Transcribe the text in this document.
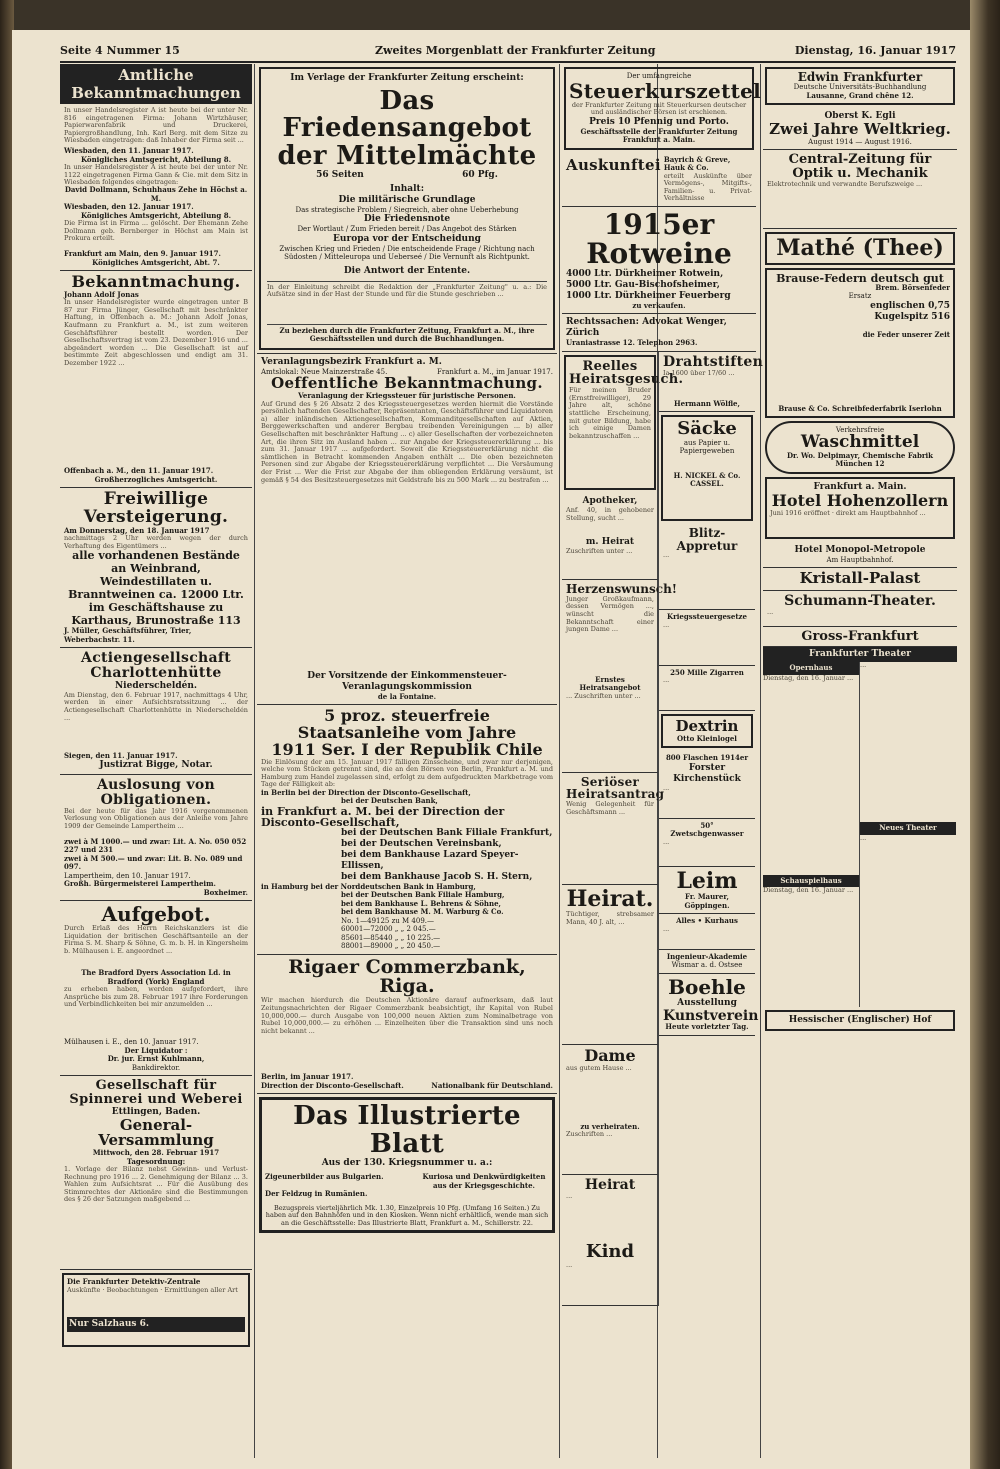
Seite 4 Nummer 15	Zweites Morgenblatt der Frankfurter Zeitung	Dienstag, 16. Januar 1917
Amtliche Bekanntmachungen
In unser Handelsregister A ist heute bei der unter Nr. 816 eingetragenen Firma: Johann Wirtzhäuser, Papierwarenfabrik und Druckerei, Papiergroßhandlung, Inh. Karl Berg. mit dem Sitze zu Wiesbaden eingetragen: daß Inhaber der Firma seit ...
Wiesbaden, den 11. Januar 1917.
Königliches Amtsgericht, Abteilung 8.
In unser Handelsregister A ist heute bei der unter Nr. 1122 eingetragenen Firma Gann & Cie. mit dem Sitz in Wiesbaden folgendes eingetragen:
David Dollmann, Schuhhaus Zehe in Höchst a. M.
Wiesbaden, den 12. Januar 1917.
Königliches Amtsgericht, Abteilung 8.
Die Firma ist in Firma ... gelöscht. Der Ehemann Zehe Dollmann geb. Bernberger in Höchst am Main ist Prokura erteilt.
Frankfurt am Main, den 9. Januar 1917.
Königliches Amtsgericht, Abt. 7.
Bekanntmachung.
Johann Adolf Jonas
In unser Handelsregister wurde eingetragen unter B 87 zur Firma Jünger, Gesellschaft mit beschränkter Haftung, in Offenbach a. M.: Johann Adolf Jonas, Kaufmann zu Frankfurt a. M., ist zum weiteren Geschäftsführer bestellt worden. Der Gesellschaftsvertrag ist vom 23. Dezember 1916 und ... abgeändert worden ... Die Gesellschaft ist auf bestimmte Zeit abgeschlossen und endigt am 31. Dezember 1922 ...
Offenbach a. M., den 11. Januar 1917.
Großherzogliches Amtsgericht.
Freiwillige Versteigerung.
Am Donnerstag, den 18. Januar 1917
nachmittags 2 Uhr werden wegen der durch Verhaftung des Eigentümers ...
alle vorhandenen Bestände an Weinbrand, Weindestillaten u. Branntweinen ca. 12000 Ltr. im Geschäftshause zu Karthaus, Brunostraße 113
J. Müller, Geschäftsführer, Trier, Weberbachstr. 11.
Actiengesellschaft Charlottenhütte
Niederscheldén.
Am Dienstag, den 6. Februar 1917, nachmittags 4 Uhr, werden in einer Aufsichtsratssitzung ... der Actiengesellschaft Charlottenhütte in Niederscheldén ...
Siegen, den 11. Januar 1917.
Justizrat Bigge, Notar.
Auslosung von Obligationen.
Bei der heute für das Jahr 1916 vorgenommenen Verlosung von Obligationen aus der Anleihe vom Jahre 1909 der Gemeinde Lampertheim ...
zwei à M 1000.— und zwar: Lit. A. No. 050 052 227 und 231
zwei à M 500.— und zwar: Lit. B. No. 089 und 097.
Lampertheim, den 10. Januar 1917.
Großh. Bürgermeisterei Lampertheim.
Boxheimer.
Aufgebot.
Durch Erlaß des Herrn Reichskanzlers ist die Liquidation der britischen Geschäftsanteile an der Firma S. M. Sharp & Söhne, G. m. b. H. in Kingersheim b. Mülhausen i. E. angeordnet ...
The Bradford Dyers Association Ld. in Bradford (York) England
zu erheben haben, werden aufgefordert, ihre Ansprüche bis zum 28. Februar 1917 ihre Forderungen und Verbindlichkeiten bei mir anzumelden ...
Mülhausen i. E., den 10. Januar 1917.
Der Liquidator :
Dr. jur. Ernst Kuhlmann,
Bankdirektor.
Gesellschaft für Spinnerei und Weberei
Ettlingen, Baden.
General-Versammlung
Mittwoch, den 28. Februar 1917
Tagesordnung:
1. Vorlage der Bilanz nebst Gewinn- und Verlust-Rechnung pro 1916 ... 2. Genehmigung der Bilanz ... 3. Wahlen zum Aufsichtsrat ... Für die Ausübung des Stimmrechtes der Aktionäre sind die Bestimmungen des § 26 der Satzungen maßgebend ...
Die Frankfurter Detektiv-Zentrale
Auskünfte · Beobachtungen · Ermittlungen aller Art
Nur Salzhaus 6.
Im Verlage der Frankfurter Zeitung erscheint:
Das Friedensangebot
der Mittelmächte
56 Seiten	60 Pfg.
Inhalt:
Die militärische Grundlage
Das strategische Problem / Siegreich, aber ohne Ueberhebung
Die Friedensnote
Der Wortlaut / Zum Frieden bereit / Das Angebot des Stärken
Europa vor der Entscheidung
Zwischen Krieg und Frieden / Die entscheidende Frage / Richtung nach Südosten / Mitteleuropa und Ueberseé / Die Vernunft als Richtpunkt.
Die Antwort der Entente.
In der Einleitung schreibt die Redaktion der „Frankfurter Zeitung" u. a.: Die Aufsätze sind in der Hast der Stunde und für die Stunde geschrieben ...
Zu beziehen durch die Frankfurter Zeitung, Frankfurt a. M., ihre Geschäftsstellen und durch die Buchhandlungen.
Veranlagungsbezirk Frankfurt a. M.
Amtslokal: Neue Mainzerstraße 45.	Frankfurt a. M., im Januar 1917.
Oeffentliche Bekanntmachung.
Veranlagung der Kriegssteuer für juristische Personen.
Auf Grund des § 26 Absatz 2 des Kriegssteuergesetzes werden hiermit die Vorstände persönlich haftenden Gesellschafter, Repräsentanten, Geschäftsführer und Liquidatoren a) aller inländischen Aktiengesellschaften, Kommanditgesellschaften auf Aktien, Berggewerkschaften und anderer Bergbau treibenden Vereinigungen ... b) aller Gesellschaften mit beschränkter Haftung ... c) aller Gesellschaften der vorbezeichneten Art, die ihren Sitz im Ausland haben ... zur Angabe der Kriegssteuererklärung ... bis zum 31. Januar 1917 ... aufgefordert. Soweit die Kriegssteuererklärung nicht die sämtlichen in Betracht kommenden Angaben enthält ... Die oben bezeichneten Personen sind zur Abgabe der Kriegssteuererklärung verpflichtet ... Die Versäumung der Frist ... Wer die Frist zur Abgabe der ihm obliegenden Erklärung versäumt, ist gemäß § 54 des Besitzsteuergesetzes mit Geldstrafe bis zu 500 Mark ... zu bestrafen ...
Der Vorsitzende der Einkommensteuer-Veranlagungskommission
de la Fontaine.
5 proz. steuerfreie Staatsanleihe vom Jahre
1911 Ser. I der Republik Chile
Die Einlösung der am 15. Januar 1917 fälligen Zinsscheine, und zwar nur derjenigen, welche vom Stücken getrennt sind, die an den Börsen von Berlin, Frankfurt a. M. und Hamburg zum Handel zugelassen sind, erfolgt zu dem aufgedruckten Markbetrage vom Tage der Fälligkeit ab:
in Berlin bei der Direction der Disconto-Gesellschaft,
bei der Deutschen Bank,
in Frankfurt a. M. bei der Direction der Disconto-Gesellschaft,
bei der Deutschen Bank Filiale Frankfurt,
bei der Deutschen Vereinsbank,
bei dem Bankhause Lazard Speyer-Ellissen,
bei dem Bankhause Jacob S. H. Stern,
in Hamburg bei der Norddeutschen Bank in Hamburg,
bei der Deutschen Bank Filiale Hamburg,
bei dem Bankhause L. Behrens & Söhne,
bei dem Bankhause M. M. Warburg & Co.
No. 1—49125 zu M 409.—
60001—72000 „ „ 2 045.—
85601—85440 „ „ 10 225.—
88001—89000 „ „ 20 450.—
Rigaer Commerzbank, Riga.
Wir machen hierdurch die Deutschen Aktionäre darauf aufmerksam, daß laut Zeitungsnachrichten der Rigaer Commerzbank beabsichtigt, ihr Kapital von Rubel 10,000,000.— durch Ausgabe von 100,000 neuen Aktien zum Nominalbetrage von Rubel 10,000,000.— zu erhöhen ... Einzelheiten über die Transaktion sind uns noch nicht bekannt ...
Berlin, im Januar 1917.
Direction der Disconto-Gesellschaft.	Nationalbank für Deutschland.
Das Illustrierte Blatt
Aus der 130. Kriegsnummer u. a.:
Zigeunerbilder aus Bulgarien.	Kuriosa und Denkwürdigkeiten aus der Kriegsgeschichte.
Der Feldzug in Rumänien.
Bezugspreis vierteljährlich Mk. 1.30, Einzelpreis 10 Pfg. (Umfang 16 Seiten.) Zu haben auf den Bahnhöfen und in den Kiosken. Wenn nicht erhältlich, wende man sich an die Geschäftsstelle: Das Illustrierte Blatt, Frankfurt a. M., Schillerstr. 22.
Der umfangreiche
Steuerkurszettel
der Frankfurter Zeitung mit Steuerkursen deutscher und ausländischer Börsen ist erschienen.
Preis 10 Pfennig und Porto.
Geschäftsstelle der Frankfurter Zeitung Frankfurt a. Main.
Auskunftei Bayrich & Greve, Hauk & Co.
erteilt Auskünfte über Vermögens-, Mitgifts-, Familien- u. Privat-Verhältnisse
1915er Rotweine
4000 Ltr. Dürkheimer Rotwein,
5000 Ltr. Gau-Bischofsheimer,
1000 Ltr. Dürkheimer Feuerberg
zu verkaufen.
Rechtssachen: Advokat Wenger, Zürich
Uraniastrasse 12. Telephon 2963.
Reelles Heiratsgesuch.
Für meinen Bruder (Ernstfreiwilliger), 29 Jahre alt, schöne stattliche Erscheinung, mit guter Bildung, habe ich einige Damen bekanntzuschaffen ...
Apotheker,
Anf. 40, in gehobener Stellung, sucht ...
m. Heirat
Zuschriften unter ...
Herzenswunsch!
Junger Großkaufmann, dessen Vermögen ..., wünscht die Bekanntschaft einer jungen Dame ...
Ernstes Heiratsangebot
... Zuschriften unter ...
Seriöser Heiratsantrag
Wenig Gelegenheit für Geschäftsmann ...
Heirat.
Tüchtiger, strebsamer Mann, 40 J. alt, ...
Dame
aus gutem Hause ...
zu verheiraten.
Zuschriften ...
Heirat
...
Kind
...
Drahtstiften
Ia 1600 über 17/60 ...
Hermann Wölfle,
Säcke
aus Papier u. Papiergeweben
H. NICKEL & Co. CASSEL.
Blitz-Appretur
...
Kriegssteuergesetze
...
250 Mille Zigarren
...
Dextrin
Otto Kleinlogel
800 Flaschen 1914er
Forster Kirchenstück
...
50° Zwetschgenwasser
...
Leim
Fr. Maurer, Göppingen.
Alles • Kurhaus
...
Ingenieur-Akademie
Wismar a. d. Ostsee
Boehle
Ausstellung
Kunstverein
Heute vorletzter Tag.
Edwin Frankfurter
Deutsche Universitäts-Buchhandlung
Lausanne, Grand chêne 12.
Oberst K. Egli
Zwei Jahre Weltkrieg.
August 1914 — August 1916.
Central-Zeitung für Optik u. Mechanik
Elektrotechnik und verwandte Berufszweige ...
Mathé (Thee)
Brause-Federn deutsch gut
Brem. Börsenfeder
Ersatz
englischen 0,75
Kugelspitz 516
die Feder unserer Zeit
Brause & Co. Schreibfederfabrik Iserlohn
Verkehrsfreie
Waschmittel
Dr. Wo. Delpimayr, Chemische Fabrik
München 12
Frankfurt a. Main.
Hotel Hohenzollern
Juni 1916 eröffnet · direkt am Hauptbahnhof ...
Hotel Monopol-Metropole
Am Hauptbahnhof.
Kristall-Palast
Schumann-Theater.
...
Gross-Frankfurt
Frankfurter Theater
Opernhaus
Dienstag, den 16. Januar ...
Schauspielhaus
Dienstag, den 16. Januar ...
...
Neues Theater
...
Hessischer (Englischer) Hof
